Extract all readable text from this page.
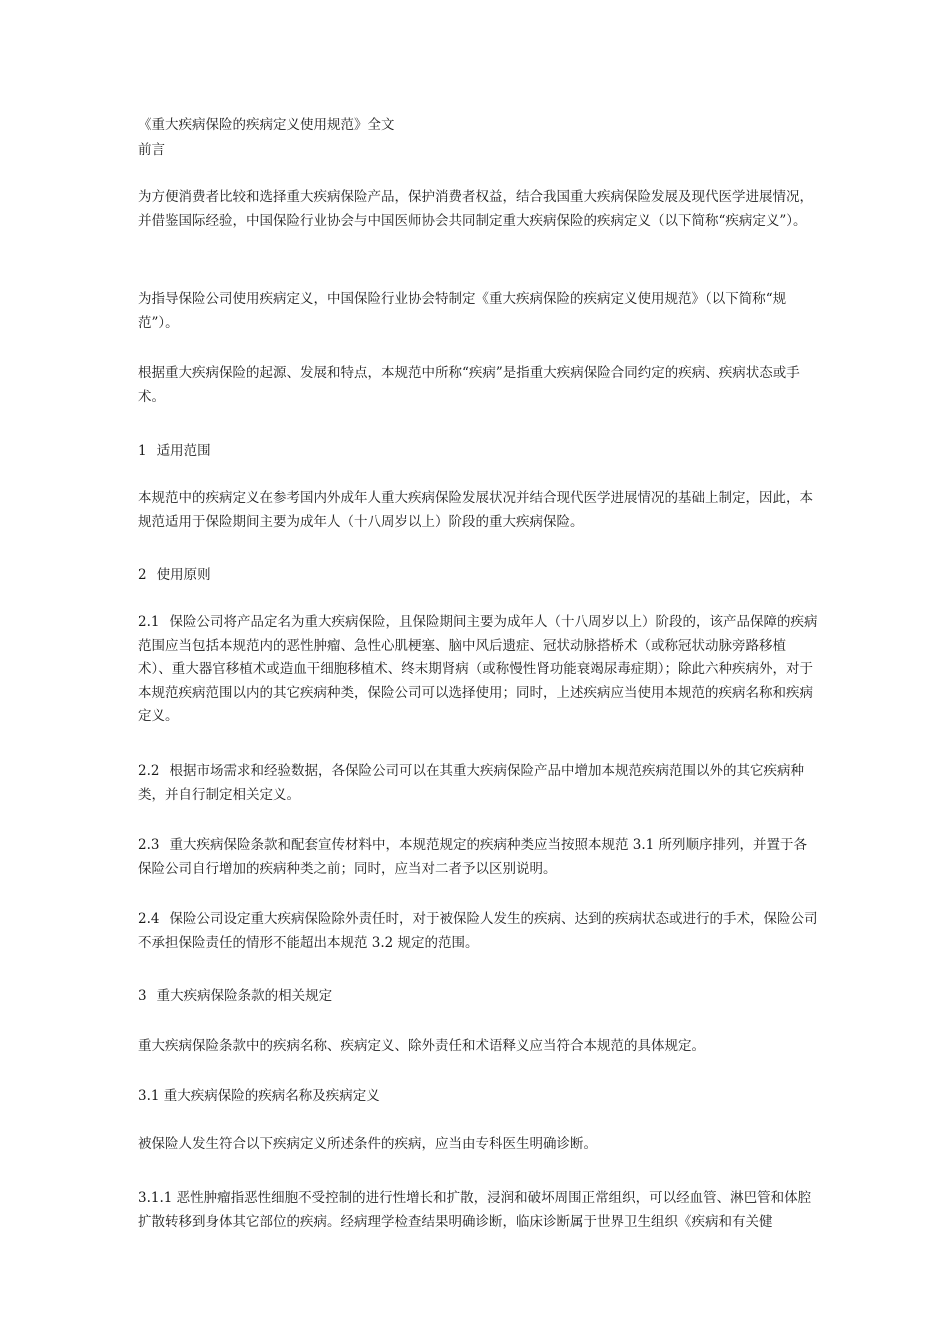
《重大疾病保险的疾病定义使用规范》全文

前言

为方便消费者比较和选择重大疾病保险产品，保护消费者权益，结合我国重大疾病保险发展及现代医学进展情况，并借鉴国际经验，中国保险行业协会与中国医师协会共同制定重大疾病保险的疾病定义（以下简称“疾病定义”）。

为指导保险公司使用疾病定义，中国保险行业协会特制定《重大疾病保险的疾病定义使用规范》（以下简称“规范”）。

根据重大疾病保险的起源、发展和特点，本规范中所称“疾病”是指重大疾病保险合同约定的疾病、疾病状态或手术。

1 适用范围

本规范中的疾病定义在参考国内外成年人重大疾病保险发展状况并结合现代医学进展情况的基础上制定，因此，本规范适用于保险期间主要为成年人（十八周岁以上）阶段的重大疾病保险。

2 使用原则

2.1 保险公司将产品定名为重大疾病保险，且保险期间主要为成年人（十八周岁以上）阶段的，该产品保障的疾病范围应当包括本规范内的恶性肿瘤、急性心肌梗塞、脑中风后遗症、冠状动脉搭桥术（或称冠状动脉旁路移植术）、重大器官移植术或造血干细胞移植术、终末期肾病（或称慢性肾功能衰竭尿毒症期）；除此六种疾病外，对于本规范疾病范围以内的其它疾病种类，保险公司可以选择使用；同时，上述疾病应当使用本规范的疾病名称和疾病定义。

2.2 根据市场需求和经验数据，各保险公司可以在其重大疾病保险产品中增加本规范疾病范围以外的其它疾病种类，并自行制定相关定义。

2.3 重大疾病保险条款和配套宣传材料中，本规范规定的疾病种类应当按照本规范 3.1 所列顺序排列，并置于各保险公司自行增加的疾病种类之前；同时，应当对二者予以区别说明。

2.4 保险公司设定重大疾病保险除外责任时，对于被保险人发生的疾病、达到的疾病状态或进行的手术，保险公司不承担保险责任的情形不能超出本规范 3.2 规定的范围。

3 重大疾病保险条款的相关规定

重大疾病保险条款中的疾病名称、疾病定义、除外责任和术语释义应当符合本规范的具体规定。

3.1 重大疾病保险的疾病名称及疾病定义

被保险人发生符合以下疾病定义所述条件的疾病，应当由专科医生明确诊断。

3.1.1 恶性肿瘤指恶性细胞不受控制的进行性增长和扩散，浸润和破坏周围正常组织，可以经血管、淋巴管和体腔扩散转移到身体其它部位的疾病。经病理学检查结果明确诊断，临床诊断属于世界卫生组织《疾病和有关健
